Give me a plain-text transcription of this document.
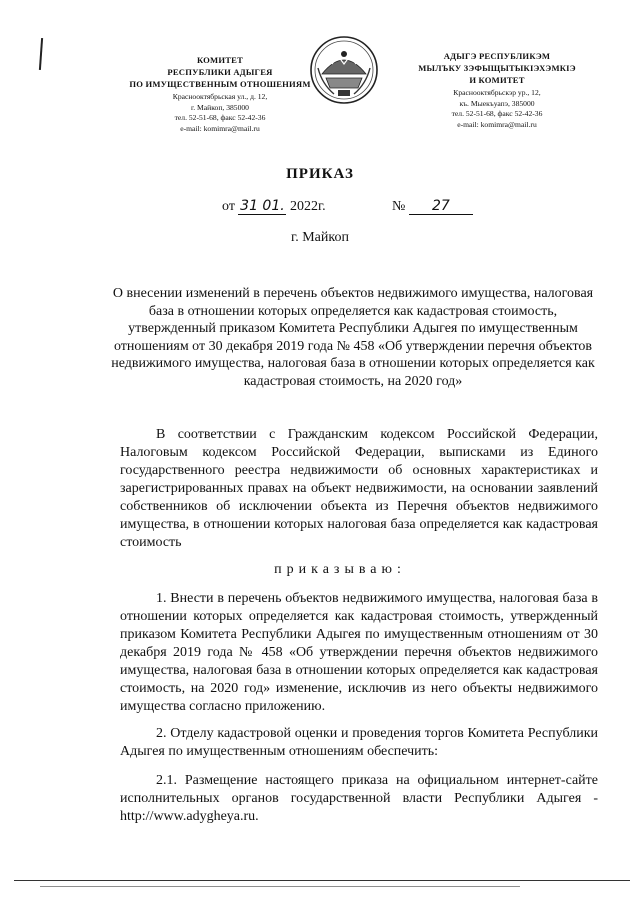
КОМИТЕТ
РЕСПУБЛИКИ АДЫГЕЯ
ПО ИМУЩЕСТВЕННЫМ ОТНОШЕНИЯМ
Краснооктябрьская ул., д. 12,
г. Майкоп, 385000
тел. 52-51-68, факс 52-42-36
e-mail: komimra@mail.ru
АДЫГЭ РЕСПУБЛИКЭМ
МЫЛЪКУ ЗЭФЫЩЫТЫКIЭХЭМКIЭ
И КОМИТЕТ
Краснооктябрьскэр ур., 12,
къ. Мыекъуапэ, 385000
тел. 52-51-68, факс 52-42-36
e-mail: komimra@mail.ru
ПРИКАЗ
от 31 01. 2022г.	№ 27
г. Майкоп
О внесении изменений в перечень объектов недвижимого имущества, налоговая база в отношении которых определяется как кадастровая стоимость, утвержденный приказом Комитета Республики Адыгея по имущественным отношениям от 30 декабря 2019 года № 458 «Об утверждении перечня объектов недвижимого имущества, налоговая база в отношении которых определяется как кадастровая стоимость, на 2020 год»
В соответствии с Гражданским кодексом Российской Федерации, Налоговым кодексом Российской Федерации, выписками из Единого государственного реестра недвижимости об основных характеристиках и зарегистрированных правах на объект недвижимости, на основании заявлений собственников об исключении объекта из Перечня объектов недвижимого имущества, в отношении которых налоговая база определяется как кадастровая стоимость
приказываю:
1. Внести в перечень объектов недвижимого имущества, налоговая база в отношении которых определяется как кадастровая стоимость, утвержденный приказом Комитета Республики Адыгея по имущественным отношениям от 30 декабря 2019 года № 458 «Об утверждении перечня объектов недвижимого имущества, налоговая база в отношении которых определяется как кадастровая стоимость, на 2020 год» изменение, исключив из него объекты недвижимого имущества согласно приложению.
2. Отделу кадастровой оценки и проведения торгов Комитета Республики Адыгея по имущественным отношениям обеспечить:
2.1. Размещение настоящего приказа на официальном интернет-сайте исполнительных органов государственной власти Республики Адыгея - http://www.adygheya.ru.
